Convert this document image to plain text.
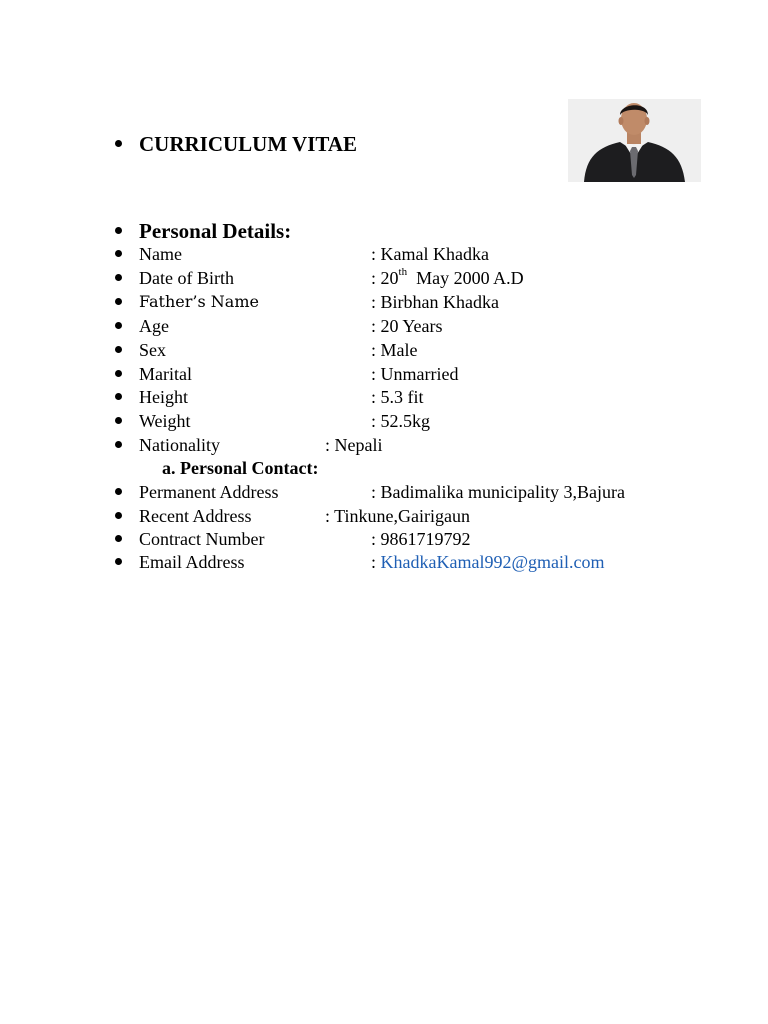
CURRICULUM VITAE
Personal Details:
Name	: Kamal Khadka
Date of Birth	: 20th  May 2000 A.D
Father’s Name	: Birbhan Khadka
Age	: 20 Years
Sex	: Male
Marital	: Unmarried
Height	: 5.3 fit
Weight	: 52.5kg
Nationality	: Nepali
a. Personal Contact:
Permanent Address	: Badimalika municipality 3,Bajura
Recent Address	: Tinkune,Gairigaun
Contract Number	: 9861719792
Email Address	: KhadkaKamal992@gmail.com
